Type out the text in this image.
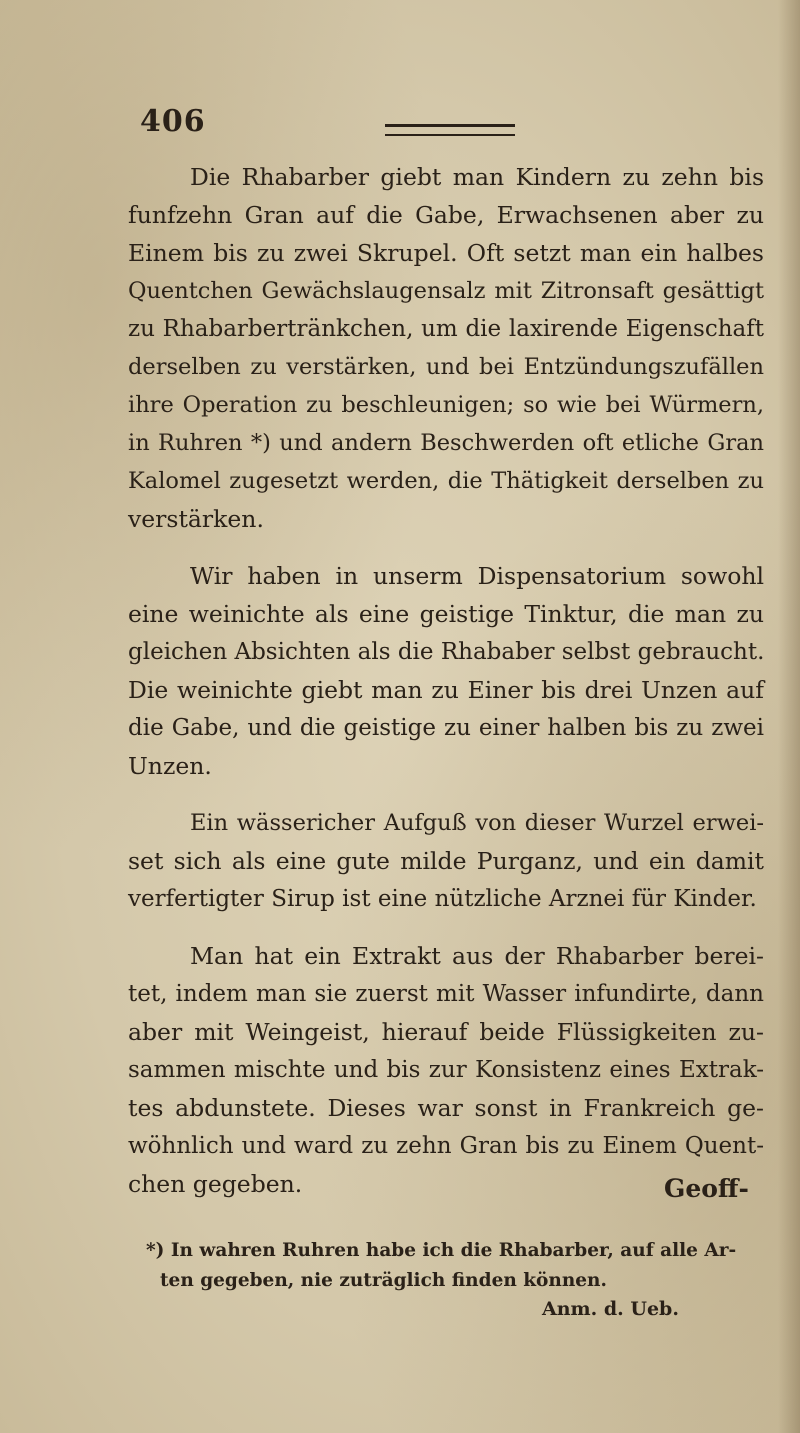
406
Die Rhabarber giebt man Kindern zu zehn bis
funfzehn Gran auf die Gabe, Erwachsenen aber zu
Einem bis zu zwei Skrupel. Oft setzt man ein halbes
Quentchen Gewächslaugensalz mit Zitronsaft gesättigt
zu Rhabarbertränkchen, um die laxirende Eigenschaft
derselben zu verstärken, und bei Entzündungszufällen
ihre Operation zu beschleunigen; so wie bei Würmern,
in Ruhren *) und andern Beschwerden oft etliche Gran
Kalomel zugesetzt werden, die Thätigkeit derselben zu
verstärken.
Wir haben in unserm Dispensatorium sowohl
eine weinichte als eine geistige Tinktur, die man zu
gleichen Absichten als die Rhababer selbst gebraucht.
Die weinichte giebt man zu Einer bis drei Unzen auf
die Gabe, und die geistige zu einer halben bis zu zwei
Unzen.
Ein wässericher Aufguß von dieser Wurzel erwei-
set sich als eine gute milde Purganz, und ein damit
verfertigter Sirup ist eine nützliche Arznei für Kinder.
Man hat ein Extrakt aus der Rhabarber berei-
tet, indem man sie zuerst mit Wasser infundirte, dann
aber mit Weingeist, hierauf beide Flüssigkeiten zu-
sammen mischte und bis zur Konsistenz eines Extrak-
tes abdunstete. Dieses war sonst in Frankreich ge-
wöhnlich und ward zu zehn Gran bis zu Einem Quent-
chen gegeben.	Geoff-
*) In wahren Ruhren habe ich die Rhabarber, auf alle Ar-
ten gegeben, nie zuträglich finden können.
Anm. d. Ueb.
